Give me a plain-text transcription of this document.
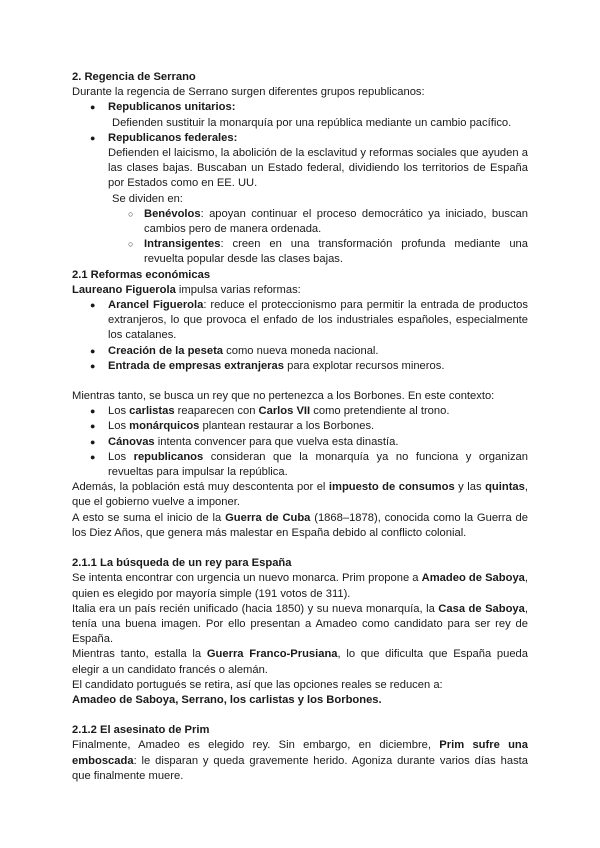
2. Regencia de Serrano

Durante la regencia de Serrano surgen diferentes grupos republicanos:

● Republicanos unitarios:
Defienden sustituir la monarquía por una república mediante un cambio pacífico.
● Republicanos federales:
Defienden el laicismo, la abolición de la esclavitud y reformas sociales que ayuden a las clases bajas. Buscaban un Estado federal, dividiendo los territorios de España por Estados como en EE. UU.
Se dividen en:
○ Benévolos: apoyan continuar el proceso democrático ya iniciado, buscan cambios pero de manera ordenada.
○ Intransigentes: creen en una transformación profunda mediante una revuelta popular desde las clases bajas.

2.1 Reformas económicas

Laureano Figuerola impulsa varias reformas:

● Arancel Figuerola: reduce el proteccionismo para permitir la entrada de productos extranjeros, lo que provoca el enfado de los industriales españoles, especialmente los catalanes.
● Creación de la peseta como nueva moneda nacional.
● Entrada de empresas extranjeras para explotar recursos mineros.

Mientras tanto, se busca un rey que no pertenezca a los Borbones. En este contexto:

● Los carlistas reaparecen con Carlos VII como pretendiente al trono.
● Los monárquicos plantean restaurar a los Borbones.
● Cánovas intenta convencer para que vuelva esta dinastía.
● Los republicanos consideran que la monarquía ya no funciona y organizan revueltas para impulsar la república.

Además, la población está muy descontenta por el impuesto de consumos y las quintas, que el gobierno vuelve a imponer.

A esto se suma el inicio de la Guerra de Cuba (1868–1878), conocida como la Guerra de los Diez Años, que genera más malestar en España debido al conflicto colonial.

2.1.1 La búsqueda de un rey para España

Se intenta encontrar con urgencia un nuevo monarca. Prim propone a Amadeo de Saboya, quien es elegido por mayoría simple (191 votos de 311).

Italia era un país recién unificado (hacia 1850) y su nueva monarquía, la Casa de Saboya, tenía una buena imagen. Por ello presentan a Amadeo como candidato para ser rey de España.

Mientras tanto, estalla la Guerra Franco-Prusiana, lo que dificulta que España pueda elegir a un candidato francés o alemán.

El candidato portugués se retira, así que las opciones reales se reducen a:

Amadeo de Saboya, Serrano, los carlistas y los Borbones.

2.1.2 El asesinato de Prim

Finalmente, Amadeo es elegido rey. Sin embargo, en diciembre, Prim sufre una emboscada: le disparan y queda gravemente herido. Agoniza durante varios días hasta que finalmente muere.
